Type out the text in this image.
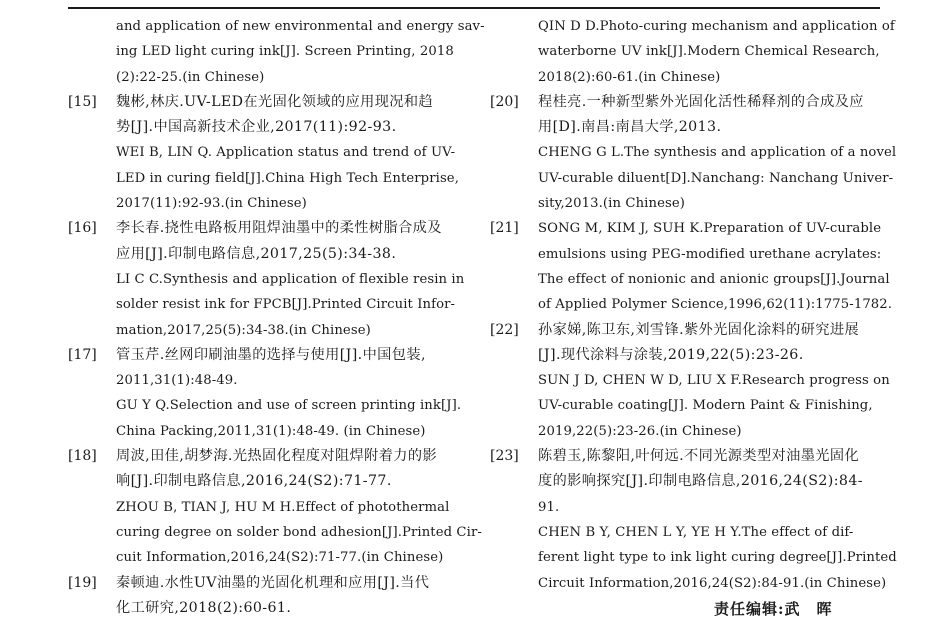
and application of new environmental and energy sav-
ing LED light curing ink[J]. Screen Printing, 2018
(2):22-25.(in Chinese)
[15] 魏彬,林庆.UV-LED在光固化领域的应用现况和趋
势[J].中国高新技术企业,2017(11):92-93.
WEI B, LIN Q. Application status and trend of UV-
LED in curing field[J].China High Tech Enterprise,
2017(11):92-93.(in Chinese)
[16] 李长春.挠性电路板用阻焊油墨中的柔性树脂合成及
应用[J].印制电路信息,2017,25(5):34-38.
LI C C.Synthesis and application of flexible resin in
solder resist ink for FPCB[J].Printed Circuit Infor-
mation,2017,25(5):34-38.(in Chinese)
[17] 管玉芹.丝网印刷油墨的选择与使用[J].中国包装,
2011,31(1):48-49.
GU Y Q.Selection and use of screen printing ink[J].
China Packing,2011,31(1):48-49. (in Chinese)
[18] 周波,田佳,胡梦海.光热固化程度对阻焊附着力的影
响[J].印制电路信息,2016,24(S2):71-77.
ZHOU B, TIAN J, HU M H.Effect of photothermal
curing degree on solder bond adhesion[J].Printed Cir-
cuit Information,2016,24(S2):71-77.(in Chinese)
[19] 秦顿迪.水性UV油墨的光固化机理和应用[J].当代
化工研究,2018(2):60-61.
QIN D D.Photo-curing mechanism and application of
waterborne UV ink[J].Modern Chemical Research,
2018(2):60-61.(in Chinese)
[20] 程桂亮.一种新型紫外光固化活性稀释剂的合成及应
用[D].南昌:南昌大学,2013.
CHENG G L.The synthesis and application of a novel
UV-curable diluent[D].Nanchang: Nanchang Univer-
sity,2013.(in Chinese)
[21] SONG M, KIM J, SUH K.Preparation of UV-curable
emulsions using PEG-modified urethane acrylates:
The effect of nonionic and anionic groups[J].Journal
of Applied Polymer Science,1996,62(11):1775-1782.
[22] 孙家娣,陈卫东,刘雪锋.紫外光固化涂料的研究进展
[J].现代涂料与涂装,2019,22(5):23-26.
SUN J D, CHEN W D, LIU X F.Research progress on
UV-curable coating[J]. Modern Paint & Finishing,
2019,22(5):23-26.(in Chinese)
[23] 陈碧玉,陈黎阳,叶何远.不同光源类型对油墨光固化
度的影响探究[J].印制电路信息,2016,24(S2):84-
91.
CHEN B Y, CHEN L Y, YE H Y.The effect of dif-
ferent light type to ink light curing degree[J].Printed
Circuit Information,2016,24(S2):84-91.(in Chinese)
责任编辑:武　晖
